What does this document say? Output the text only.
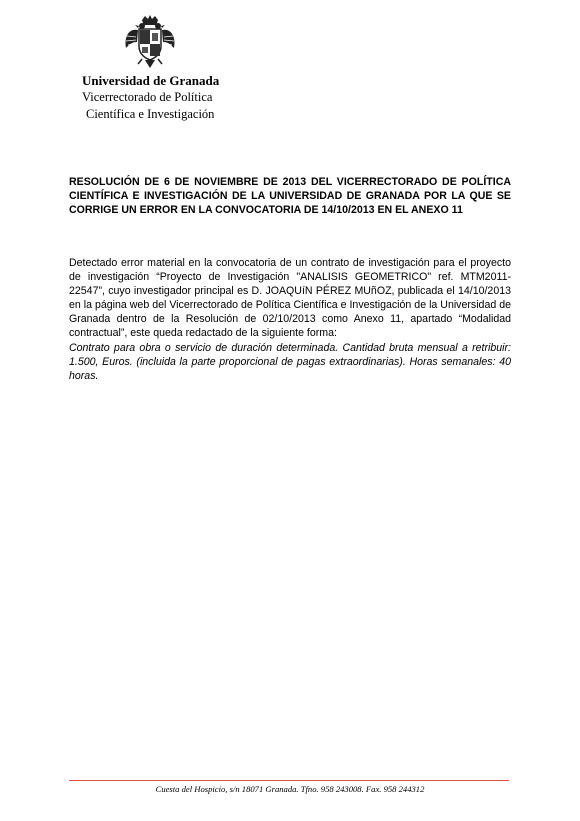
Universidad de Granada
Vicerrectorado de Política
Científica e Investigación
RESOLUCIÓN DE 6 DE NOVIEMBRE DE 2013 DEL VICERRECTORADO DE POLÍTICA CIENTÍFICA E INVESTIGACIÓN DE LA UNIVERSIDAD DE GRANADA POR LA QUE SE CORRIGE UN ERROR EN LA CONVOCATORIA DE 14/10/2013 EN EL ANEXO 11

Detectado error material en la convocatoria de un contrato de investigación para el proyecto de investigación “Proyecto de Investigación "ANALISIS GEOMETRICO" ref. MTM2011-22547”, cuyo investigador principal es D. JOAQUíN PÉREZ MUñOZ, publicada el 14/10/2013 en la página web del Vicerrectorado de Política Científica e Investigación de la Universidad de Granada dentro de la Resolución de 02/10/2013 como Anexo 11, apartado “Modalidad contractual”, este queda redactado de la siguiente forma:

Contrato para obra o servicio de duración determinada. Cantidad bruta mensual a retribuir: 1.500, Euros. (incluida la parte proporcional de pagas extraordinarias). Horas semanales: 40 horas.

Cuesta del Hospicio, s/n 18071 Granada. Tfno. 958 243008. Fax. 958 244312
